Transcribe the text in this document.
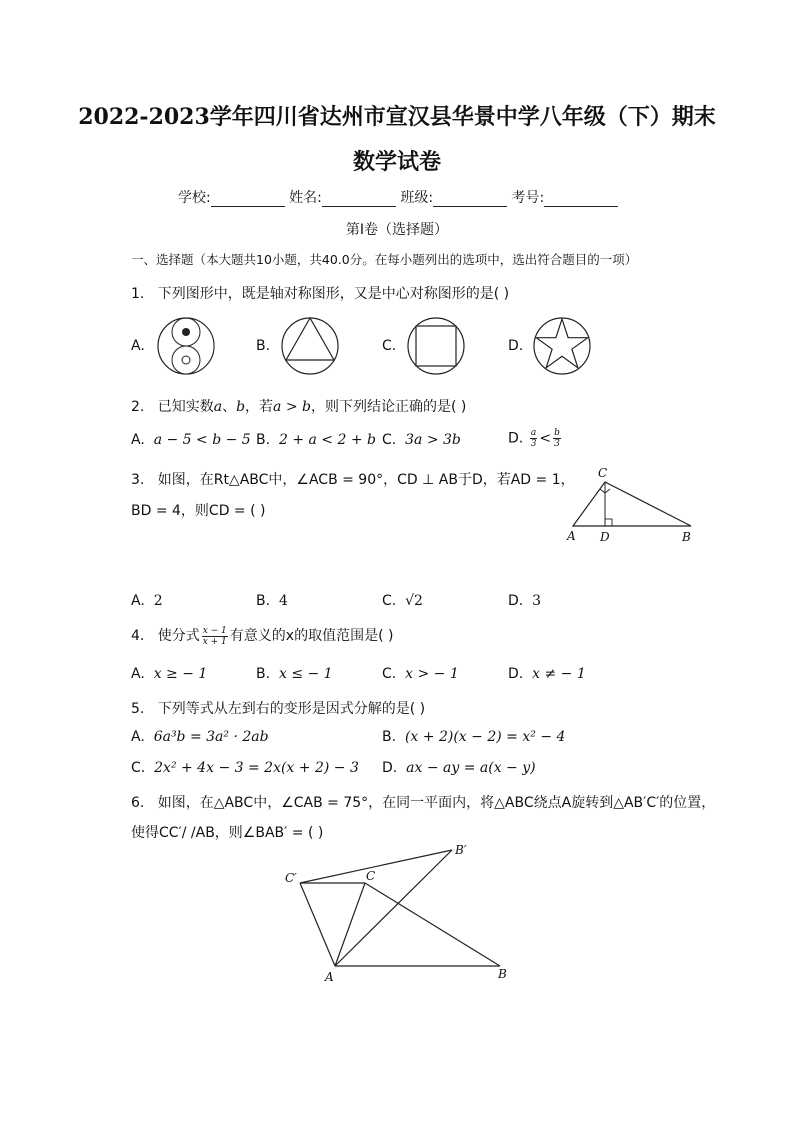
2022-2023学年四川省达州市宣汉县华景中学八年级（下）期末
数学试卷
学校:	姓名:	班级:	考号:
第Ⅰ卷（选择题）
一、选择题（本大题共10小题，共40.0分。在每小题列出的选项中，选出符合题目的一项）
1. 下列图形中，既是轴对称图形，又是中心对称图形的是( )
A.	B.	C.	D.
2. 已知实数a、b，若a > b，则下列结论正确的是( )
A. a − 5 < b − 5 B. 2 + a < 2 + b C. 3a > 3b	D. $\frac{a}{3} < \frac{b}{3}$
3. 如图，在Rt△ABC中，∠ACB = 90°，CD ⊥ AB于D，若AD = 1，
BD = 4，则CD = ( )
A D	B
C
A. 2	B. 4	C. √2	D. 3
4. 使分式 $\frac{x - 1}{x + 1}$ 有意义的x的取值范围是( )
A. x ≥ − 1	B. x ≤ − 1	C. x > − 1	D. x ≠ − 1
5. 下列等式从左到右的变形是因式分解的是( )
A. 6a³b = 3a² · 2ab	B. (x + 2)(x − 2) = x² − 4
C. 2x² + 4x − 3 = 2x(x + 2) − 3 D. ax − ay = a(x − y)
6. 如图，在△ABC中，∠CAB = 75°，在同一平面内，将△ABC绕点A旋转到△AB′C′的位置，
使得CC′/ /AB，则∠BAB′ = ( )
C′	C
A	B
B′
